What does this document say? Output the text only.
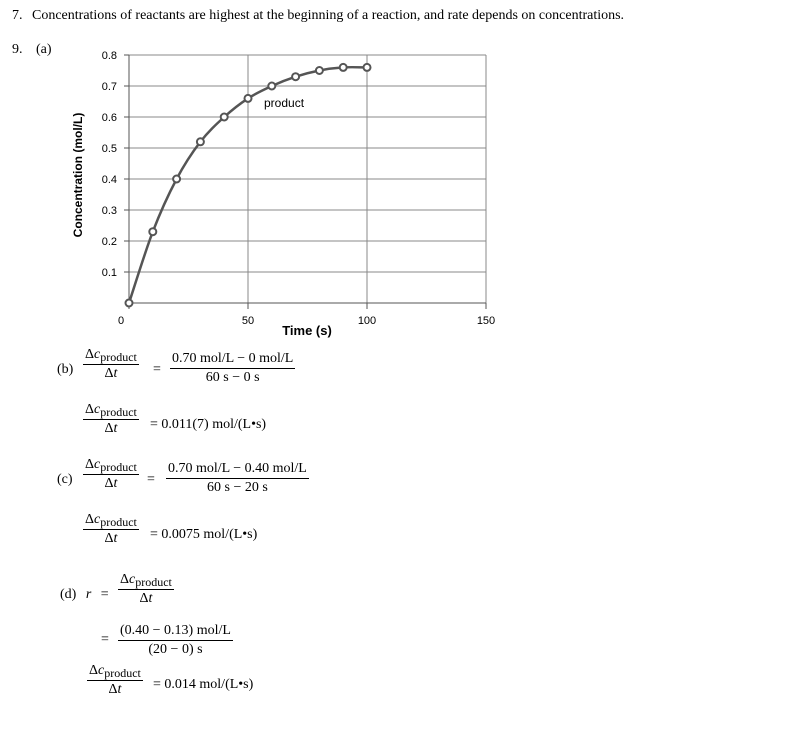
7. Concentrations of reactants are highest at the beginning of a reaction, and rate depends on concentrations.
9. (a)
0.1
0.2
0.3
0.4
0.5
0.6
0.7
0.8
0	50	100	150
Time (s)
Concentration (mol/L)
product
(b)
Δcproduct
Δt	=
0.70 mol/L − 0 mol/L
60 s − 0 s
Δcproduct
Δt = 0.011(7) mol/(L•s)
(c)
Δcproduct
Δt =
0.70 mol/L − 0.40 mol/L
60 s − 20 s
Δcproduct
Δt = 0.0075 mol/(L•s)
(d) r =
Δcproduct
Δt
=
(0.40 − 0.13) mol/L
(20 − 0) s
Δcproduct
Δt = 0.014 mol/(L•s)
